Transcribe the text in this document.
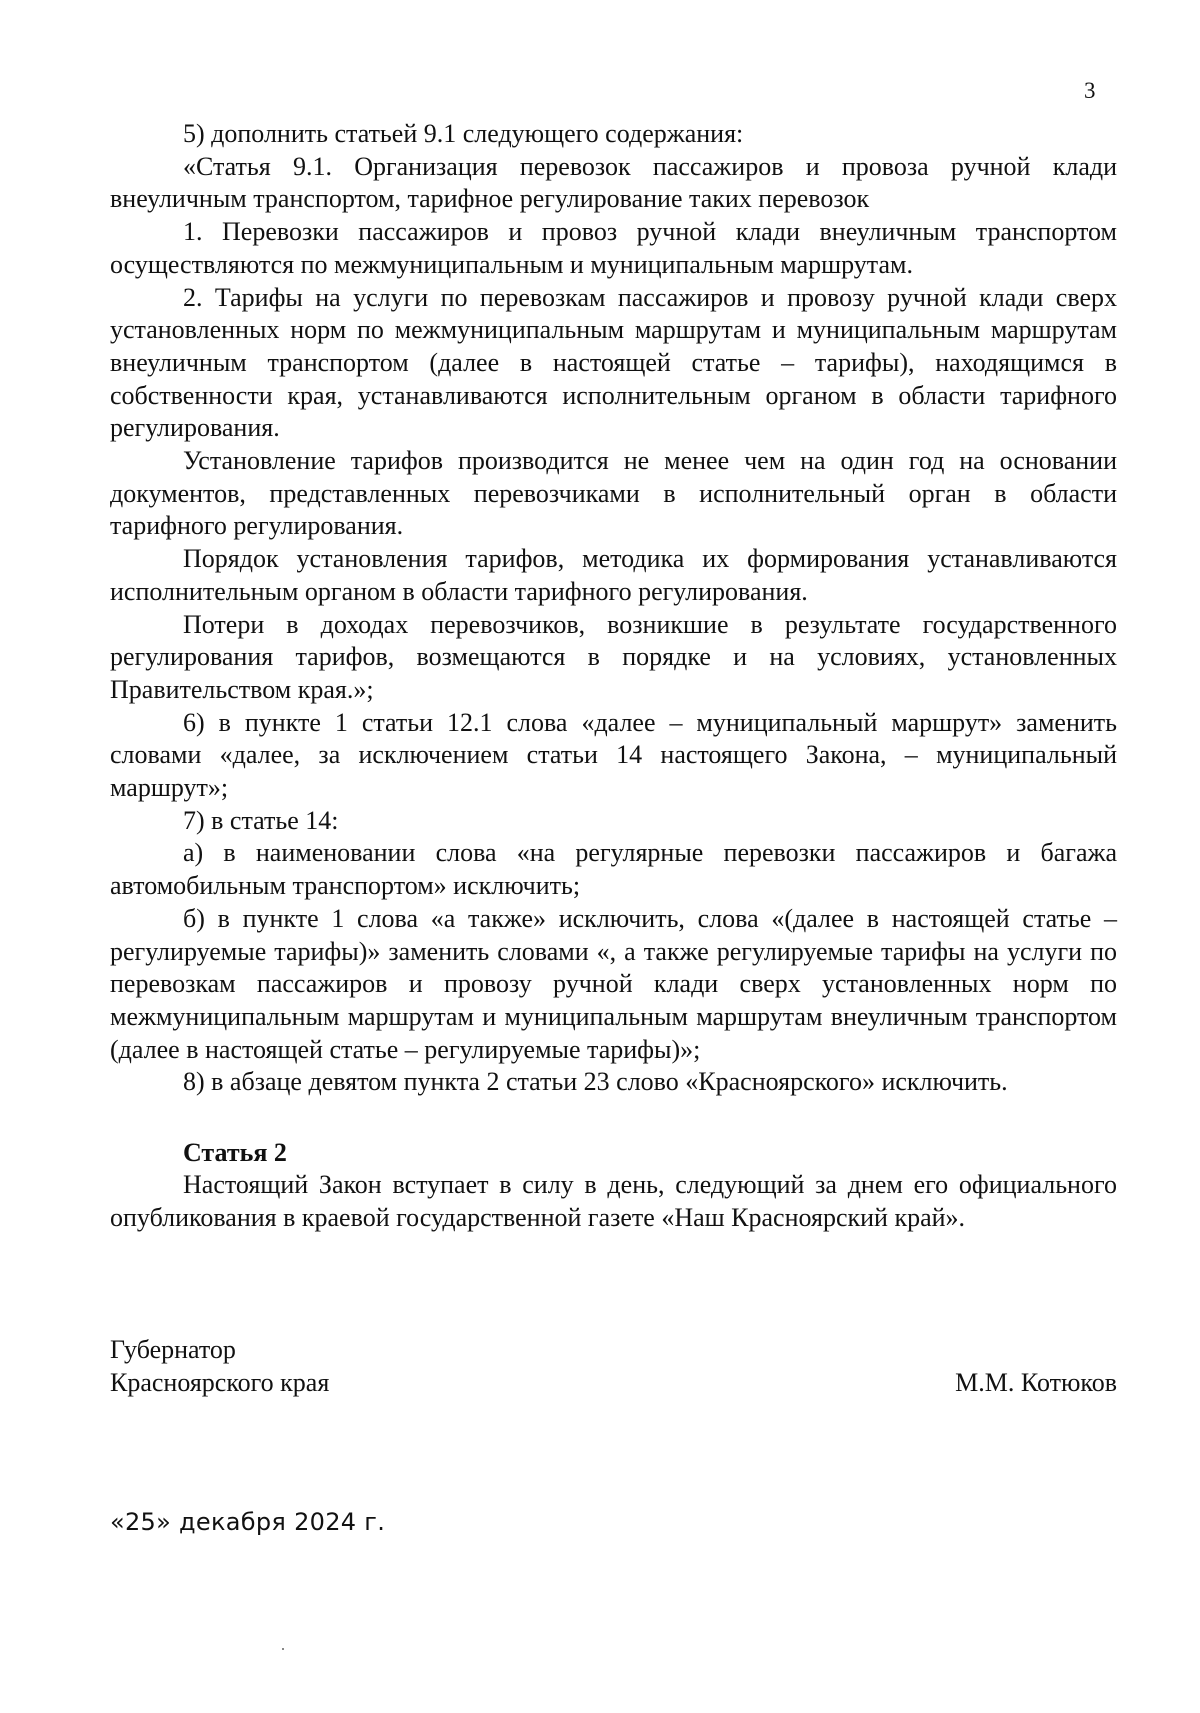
3

5) дополнить статьей 9.1 следующего содержания:

«Статья 9.1. Организация перевозок пассажиров и провоза ручной клади внеуличным транспортом, тарифное регулирование таких перевозок

1. Перевозки пассажиров и провоз ручной клади внеуличным транспортом осуществляются по межмуниципальным и муниципальным маршрутам.

2. Тарифы на услуги по перевозкам пассажиров и провозу ручной клади сверх установленных норм по межмуниципальным маршрутам и муниципальным маршрутам внеуличным транспортом (далее в настоящей статье – тарифы), находящимся в собственности края, устанавливаются исполнительным органом в области тарифного регулирования.

Установление тарифов производится не менее чем на один год на основании документов, представленных перевозчиками в исполнительный орган в области тарифного регулирования.

Порядок установления тарифов, методика их формирования устанавливаются исполнительным органом в области тарифного регулирования.

Потери в доходах перевозчиков, возникшие в результате государственного регулирования тарифов, возмещаются в порядке и на условиях, установленных Правительством края.»;

6) в пункте 1 статьи 12.1 слова «далее – муниципальный маршрут» заменить словами «далее, за исключением статьи 14 настоящего Закона, – муниципальный маршрут»;

7) в статье 14:

а) в наименовании слова «на регулярные перевозки пассажиров и багажа автомобильным транспортом» исключить;

б) в пункте 1 слова «а также» исключить, слова «(далее в настоящей статье – регулируемые тарифы)» заменить словами «, а также регулируемые тарифы на услуги по перевозкам пассажиров и провозу ручной клади сверх установленных норм по межмуниципальным маршрутам и муниципальным маршрутам внеуличным транспортом (далее в настоящей статье – регулируемые тарифы)»;

8) в абзаце девятом пункта 2 статьи 23 слово «Красноярского» исключить.

Статья 2

Настоящий Закон вступает в силу в день, следующий за днем его официального опубликования в краевой государственной газете «Наш Красноярский край».

Губернатор
Красноярского края	М.М. Котюков
«25» декабря 2024 г.
